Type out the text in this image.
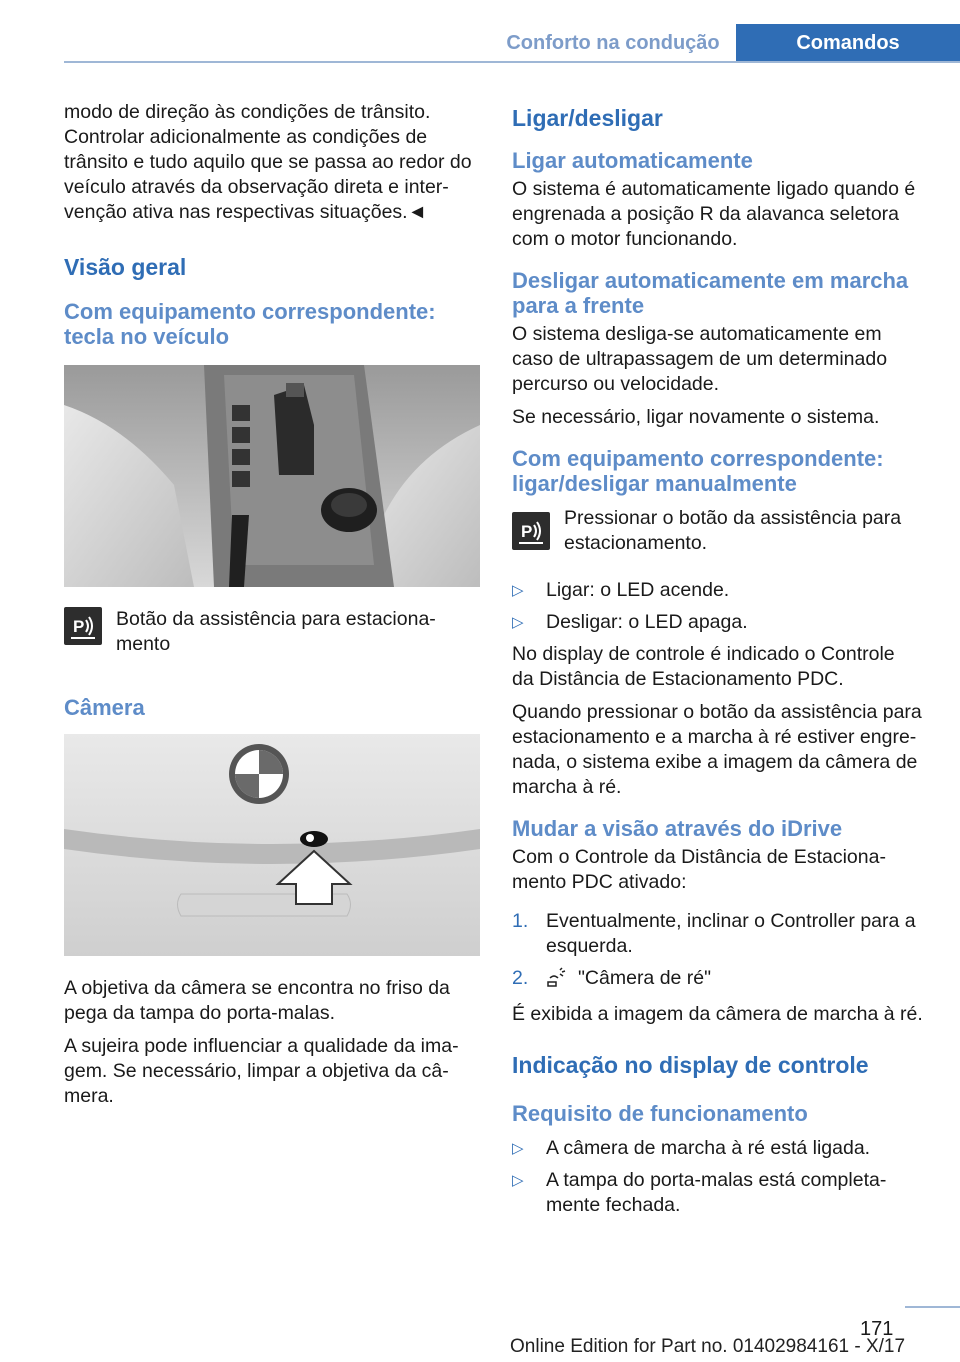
Conforto na condução	Comandos

modo de direção às condições de trânsito.
Controlar adicionalmente as condições de
trânsito e tudo aquilo que se passa ao redor do
veículo através da observação direta e inter‐
venção ativa nas respectivas situações.◄

Visão geral
Com equipamento correspondente:
tecla no veículo
P Botão da assistência para estaciona‐
mento

Câmera

A objetiva da câmera se encontra no friso da
pega da tampa do porta-malas.

A sujeira pode influenciar a qualidade da ima‐
gem. Se necessário, limpar a objetiva da câ‐
mera.

Ligar/desligar
Ligar automaticamente

O sistema é automaticamente ligado quando é
engrenada a posição R da alavanca seletora
com o motor funcionando.

Desligar automaticamente em marcha
para a frente

O sistema desliga-se automaticamente em
caso de ultrapassagem de um determinado
percurso ou velocidade.

Se necessário, ligar novamente o sistema.

Com equipamento correspondente:
ligar/desligar manualmente
P

Pressionar o botão da assistência para
estacionamento.

▷	Ligar: o LED acende.
▷	Desligar: o LED apaga.

No display de controle é indicado o Controle
da Distância de Estacionamento PDC.

Quando pressionar o botão da assistência para
estacionamento e a marcha à ré estiver engre‐
nada, o sistema exibe a imagem da câmera de
marcha à ré.

Mudar a visão através do iDrive

Com o Controle da Distância de Estaciona‐
mento PDC ativado:

1. Eventualmente, inclinar o Controller para a
esquerda.
2.	"Câmera de ré"

É exibida a imagem da câmera de marcha à ré.

Indicação no display de controle
Requisito de funcionamento
▷	A câmera de marcha à ré está ligada.
▷	A tampa do porta-malas está completa‐
mente fechada.
171
Online Edition for Part no. 01402984161 - X/17
